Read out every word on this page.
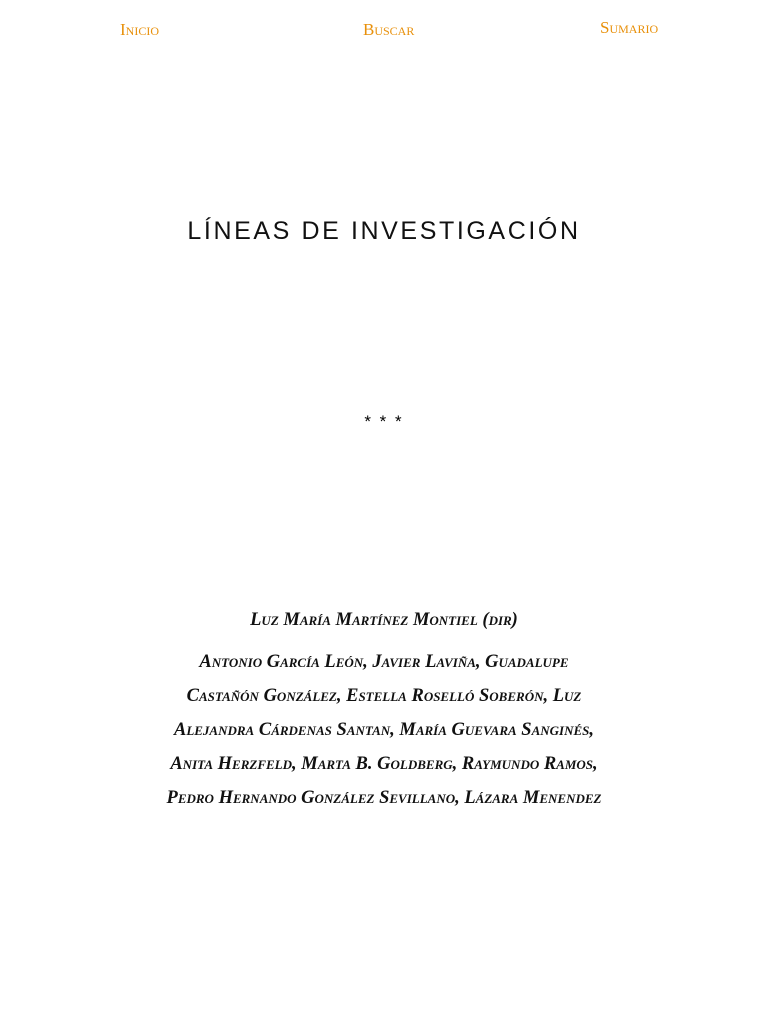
Inicio	Buscar	Sumario
LÍNEAS DE INVESTIGACIÓN
* * *
Luz María Martínez Montiel (dir)
Antonio García León, Javier Laviña, Guadalupe
Castañón González, Estella Roselló Soberón, Luz
Alejandra Cárdenas Santan, María Guevara Sanginés,
Anita Herzfeld, Marta B. Goldberg, Raymundo Ramos,
Pedro Hernando González Sevillano, Lázara Menendez
